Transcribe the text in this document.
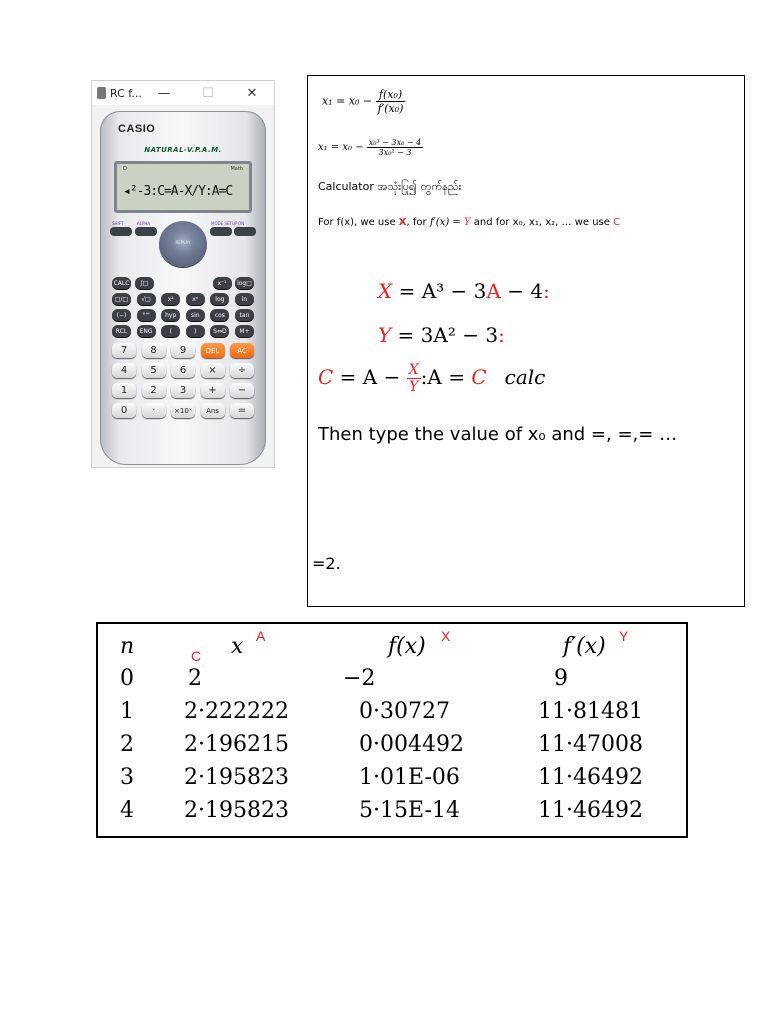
RC f...	—	☐	✕
CASIO
NATURAL-V.P.A.M.
D	Math
◂²-3:C=A-X/Y:A=C
SHIFT	ALPHA	MODE SETUP ON
REPLAY
CALC	∫□	x⁻¹	log□
□/□	√□	x²	xⁿ	log	ln
(−)	°'"	hyp	sin	cos	tan
RCL	ENG	(	)	S⇔D	M+
7	8	9	DEL	AC
4	5	6	×	÷
1	2	3	+	−
0	·	×10ˣ	Ans	=
$x_1 = x_0 - \frac{\text{f(x₀)}}{\text{f′(x₀)}}$
$x_1 = x_0 - \frac{\text{x₀³ − 3x₀ − 4}}{\text{3x₀² − 3}}$
Calculator အသုံးပြု၍ တွက်နည်း
For f(x), we use X, for f′(x) = Y and for x₀, x₁, x₂, … we use C
X = A³ − 3A − 4:
Y = 3A² − 3:
$C = A - \frac{X}{Y}$ :A = C calc
Then type the value of x₀ and =, =,= …
=2.
n	x	f(x)	f′(x)
A
C
X	Y
0 2	−2	9
1 2·222222	0·30727	11·81481
2 2·196215	0·004492	11·47008
3 2·195823	1·01E-06	11·46492
4 2·195823	5·15E-14	11·46492
